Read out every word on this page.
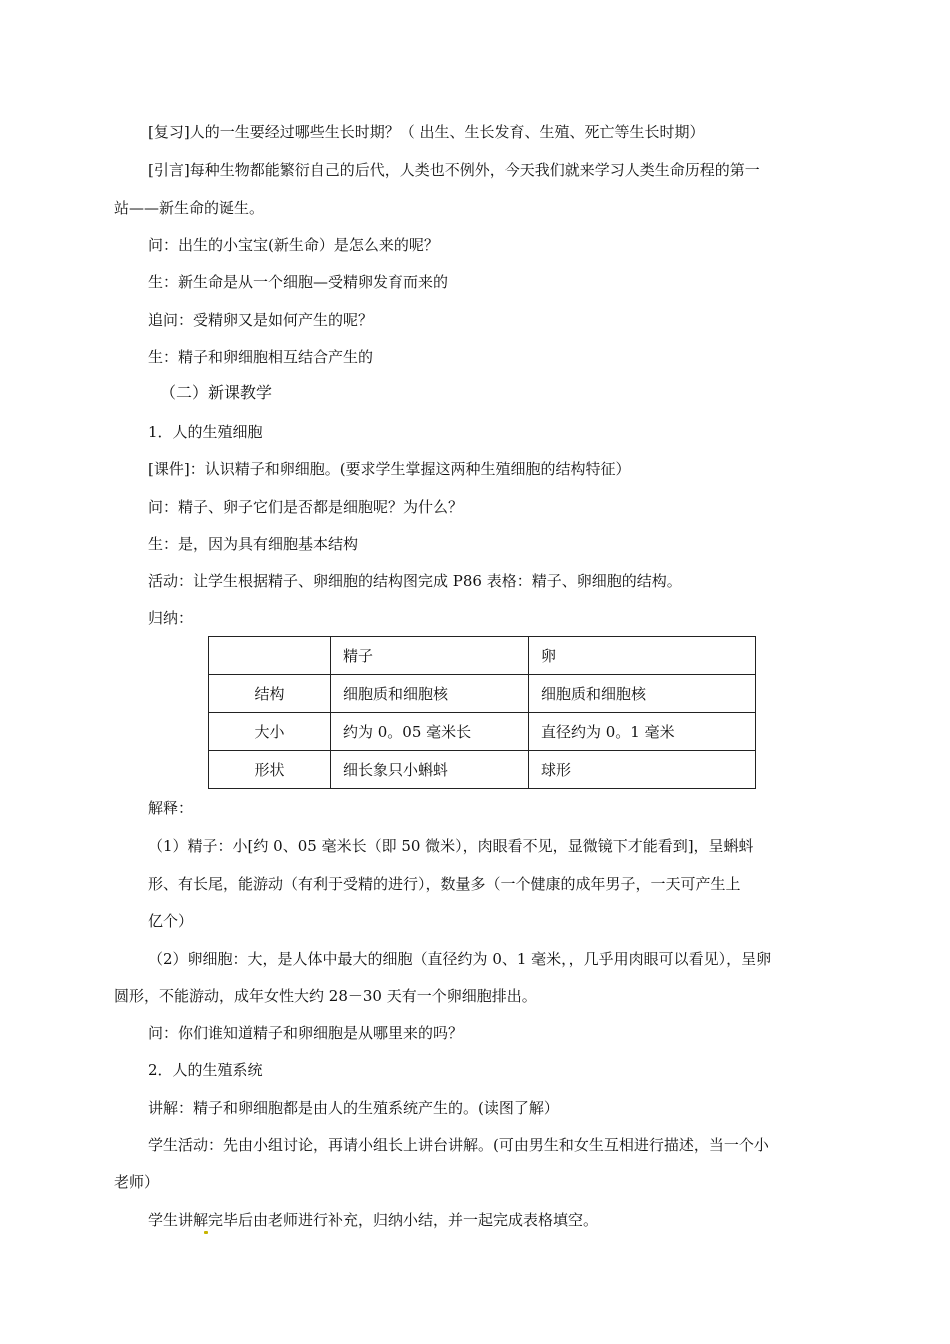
[复习]人的一生要经过哪些生长时期？（ 出生、生长发育、生殖、死亡等生长时期）
[引言]每种生物都能繁衍自己的后代，人类也不例外，今天我们就来学习人类生命历程的第一
站——新生命的诞生。
问：出生的小宝宝(新生命）是怎么来的呢？
生：新生命是从一个细胞—受精卵发育而来的
追问：受精卵又是如何产生的呢？
生：精子和卵细胞相互结合产生的
（二）新课教学
1．人的生殖细胞
[课件]：认识精子和卵细胞。(要求学生掌握这两种生殖细胞的结构特征）
问：精子、卵子它们是否都是细胞呢？为什么？
生：是，因为具有细胞基本结构
活动：让学生根据精子、卵细胞的结构图完成 P86 表格：精子、卵细胞的结构。
归纳：
	精子	卵
结构	细胞质和细胞核	细胞质和细胞核
大小	约为 0。05 毫米长	直径约为 0。1 毫米
形状	细长象只小蝌蚪	球形
解释：
（1）精子：小[约 0、05 毫米长（即 50 微米），肉眼看不见，显微镜下才能看到]，呈蝌蚪
形、有长尾，能游动（有利于受精的进行），数量多（一个健康的成年男子，一天可产生上
亿个）
（2）卵细胞：大，是人体中最大的细胞（直径约为 0、1 毫米，，几乎用肉眼可以看见），呈卵
圆形，不能游动，成年女性大约 28－30 天有一个卵细胞排出。
问：你们谁知道精子和卵细胞是从哪里来的吗？
2．人的生殖系统
讲解：精子和卵细胞都是由人的生殖系统产生的。(读图了解）
学生活动：先由小组讨论，再请小组长上讲台讲解。(可由男生和女生互相进行描述，当一个小
老师）
学生讲解完毕后由老师进行补充，归纳小结，并一起完成表格填空。
